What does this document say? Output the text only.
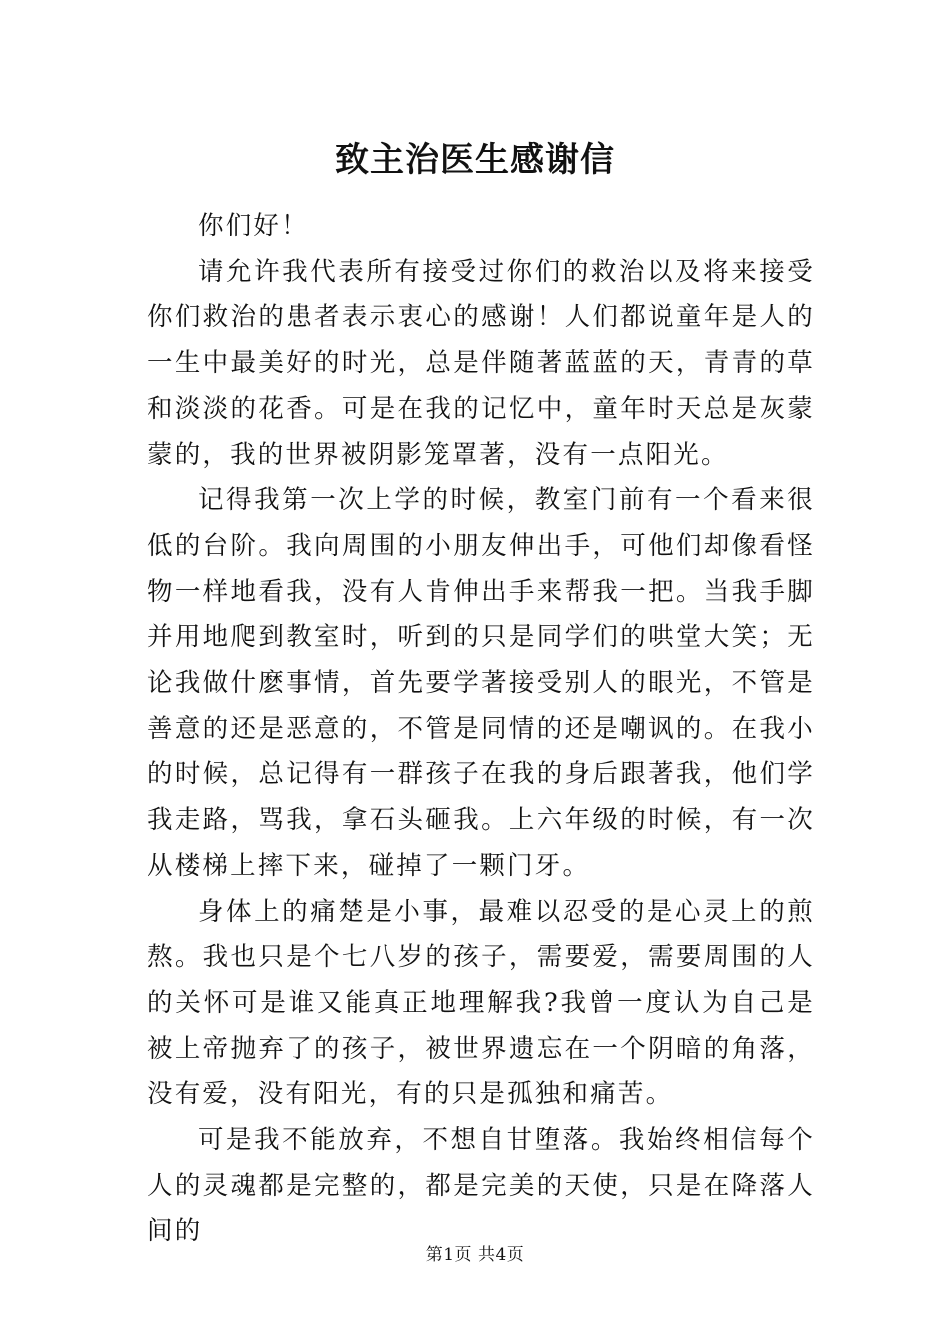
致主治医生感谢信

你们好！

请允许我代表所有接受过你们的救治以及将来接受你们救治的患者表示衷心的感谢！人们都说童年是人的一生中最美好的时光，总是伴随著蓝蓝的天，青青的草和淡淡的花香。可是在我的记忆中，童年时天总是灰蒙蒙的，我的世界被阴影笼罩著，没有一点阳光。

记得我第一次上学的时候，教室门前有一个看来很低的台阶。我向周围的小朋友伸出手，可他们却像看怪物一样地看我，没有人肯伸出手来帮我一把。当我手脚并用地爬到教室时，听到的只是同学们的哄堂大笑；无论我做什麽事情，首先要学著接受别人的眼光，不管是善意的还是恶意的，不管是同情的还是嘲讽的。在我小的时候，总记得有一群孩子在我的身后跟著我，他们学我走路，骂我，拿石头砸我。上六年级的时候，有一次从楼梯上摔下来，碰掉了一颗门牙。

身体上的痛楚是小事，最难以忍受的是心灵上的煎熬。我也只是个七八岁的孩子，需要爱，需要周围的人的关怀可是谁又能真正地理解我?我曾一度认为自己是被上帝抛弃了的孩子，被世界遗忘在一个阴暗的角落，没有爱，没有阳光，有的只是孤独和痛苦。

可是我不能放弃，不想自甘堕落。我始终相信每个人的灵魂都是完整的，都是完美的天使，只是在降落人间的

第1页 共4页
